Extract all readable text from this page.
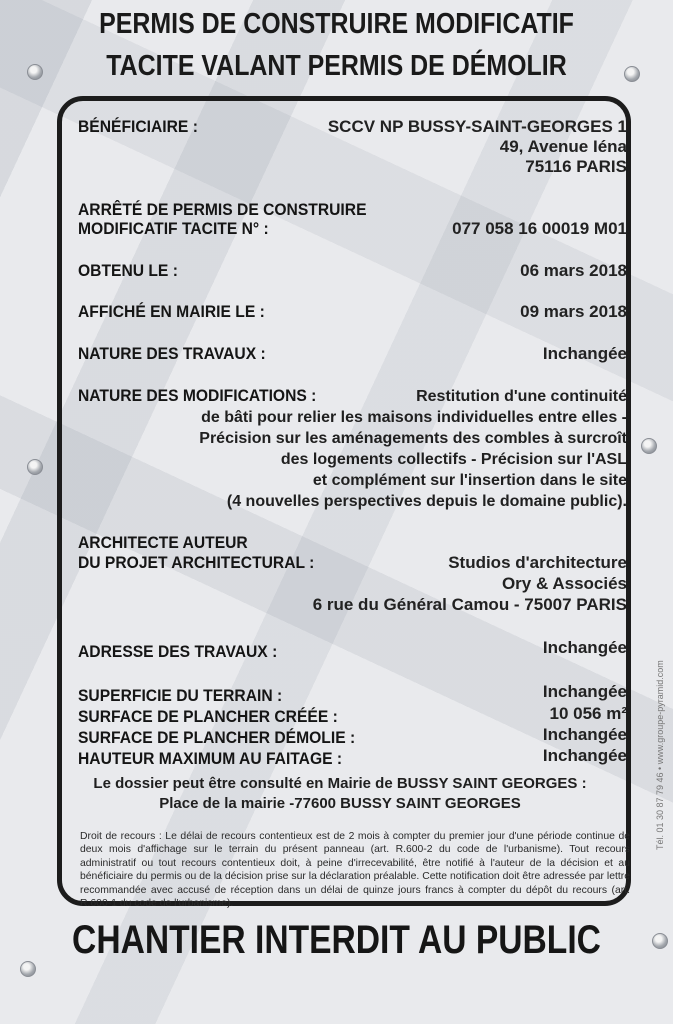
PERMIS DE CONSTRUIRE MODIFICATIF
TACITE VALANT PERMIS DE DÉMOLIR
BÉNÉFICIAIRE :	SCCV NP BUSSY-SAINT-GEORGES 1
49, Avenue Iéna
75116 PARIS
ARRÊTÉ DE PERMIS DE CONSTRUIRE
MODIFICATIF TACITE N° :	077 058 16 00019 M01
OBTENU LE :	06 mars 2018
AFFICHÉ EN MAIRIE LE :	09 mars 2018
NATURE DES TRAVAUX :	Inchangée
NATURE DES MODIFICATIONS :	Restitution d'une continuité
de bâti pour relier les maisons individuelles entre elles -
Précision sur les aménagements des combles à surcroît
des logements collectifs - Précision sur l'ASL
et complément sur l'insertion dans le site
(4 nouvelles perspectives depuis le domaine public).
ARCHITECTE AUTEUR
DU PROJET ARCHITECTURAL :	Studios d'architecture
Ory & Associés
6 rue du Général Camou - 75007 PARIS
ADRESSE DES TRAVAUX :	Inchangée
SUPERFICIE DU TERRAIN :	Inchangée
SURFACE DE PLANCHER CRÉÉE :	10 056 m²
SURFACE DE PLANCHER DÉMOLIE :	Inchangée
HAUTEUR MAXIMUM AU FAITAGE :	Inchangée
Le dossier peut être consulté en Mairie de BUSSY SAINT GEORGES :
Place de la mairie -77600 BUSSY SAINT GEORGES
Droit de recours : Le délai de recours contentieux est de 2 mois à compter du premier jour d'une période continue de deux mois d'affichage sur le terrain du présent panneau (art. R.600-2 du code de l'urbanisme). Tout recours administratif ou tout recours contentieux doit, à peine d'irrecevabilité, être notifié à l'auteur de la décision et au bénéficiaire du permis ou de la décision prise sur la déclaration préalable. Cette notification doit être adressée par lettre recommandée avec accusé de réception dans un délai de quinze jours francs à compter du dépôt du recours (art. R.600-1 du code de l'urbanisme).
Tél. 01 30 87 79 46 • www.groupe-pyramid.com
CHANTIER INTERDIT AU PUBLIC
